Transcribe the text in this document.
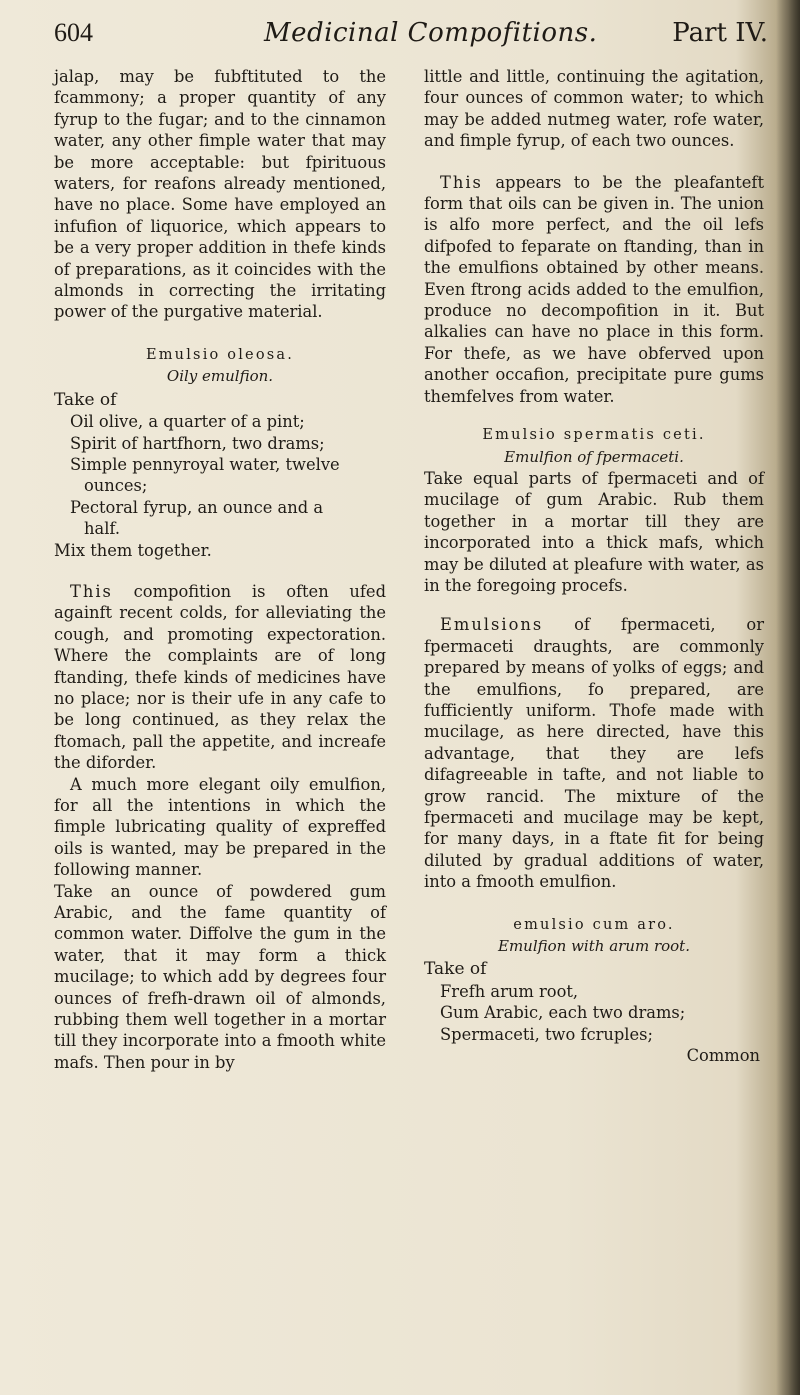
604	Medicinal Compofitions.	Part IV.

jalap, may be fubftituted to the fcammony; a proper quantity of any fyrup to the fugar; and to the cinnamon water, any other fimple water that may be more acceptable: but fpirituous waters, for reafons already mentioned, have no place. Some have employed an infufion of liquorice, which appears to be a very proper addition in thefe kinds of preparations, as it coincides with the almonds in correcting the irritating power of the purgative material.

Emulsio oleosa.

Oily emulfion.

Take of

Oil olive, a quarter of a pint;

Spirit of hartfhorn, two drams;

Simple pennyroyal water, twelve
ounces;

Pectoral fyrup, an ounce and a
half.

Mix them together.

This compofition is often ufed againft recent colds, for alleviating the cough, and promoting expectoration. Where the complaints are of long ftanding, thefe kinds of medicines have no place; nor is their ufe in any cafe to be long continued, as they relax the ftomach, pall the appetite, and increafe the diforder.

A much more elegant oily emulfion, for all the intentions in which the fimple lubricating quality of expreffed oils is wanted, may be prepared in the following manner.

Take an ounce of powdered gum Arabic, and the fame quantity of common water. Diffolve the gum in the water, that it may form a thick mucilage; to which add by degrees four ounces of frefh-drawn oil of almonds, rubbing them well together in a mortar till they incorporate into a fmooth white mafs. Then pour in by

little and little, continuing the agitation, four ounces of common water; to which may be added nutmeg water, rofe water, and fimple fyrup, of each two ounces.

This appears to be the pleafanteft form that oils can be given in. The union is alfo more perfect, and the oil lefs difpofed to feparate on ftanding, than in the emulfions obtained by other means. Even ftrong acids added to the emulfion, produce no decompofition in it. But alkalies can have no place in this form. For thefe, as we have obferved upon another occafion, precipitate pure gums themfelves from water.

Emulsio spermatis ceti.

Emulfion of fpermaceti.

Take equal parts of fpermaceti and of mucilage of gum Arabic. Rub them together in a mortar till they are incorporated into a thick mafs, which may be diluted at pleafure with water, as in the foregoing procefs.

Emulsions of fpermaceti, or fpermaceti draughts, are commonly prepared by means of yolks of eggs; and the emulfions, fo prepared, are fufficiently uniform. Thofe made with mucilage, as here directed, have this advantage, that they are lefs difagreeable in tafte, and not liable to grow rancid. The mixture of the fpermaceti and mucilage may be kept, for many days, in a ftate fit for being diluted by gradual additions of water, into a fmooth emulfion.

emulsio cum aro.

Emulfion with arum root.

Take of

Frefh arum root,

Gum Arabic, each two drams;

Spermaceti, two fcruples;

Common
